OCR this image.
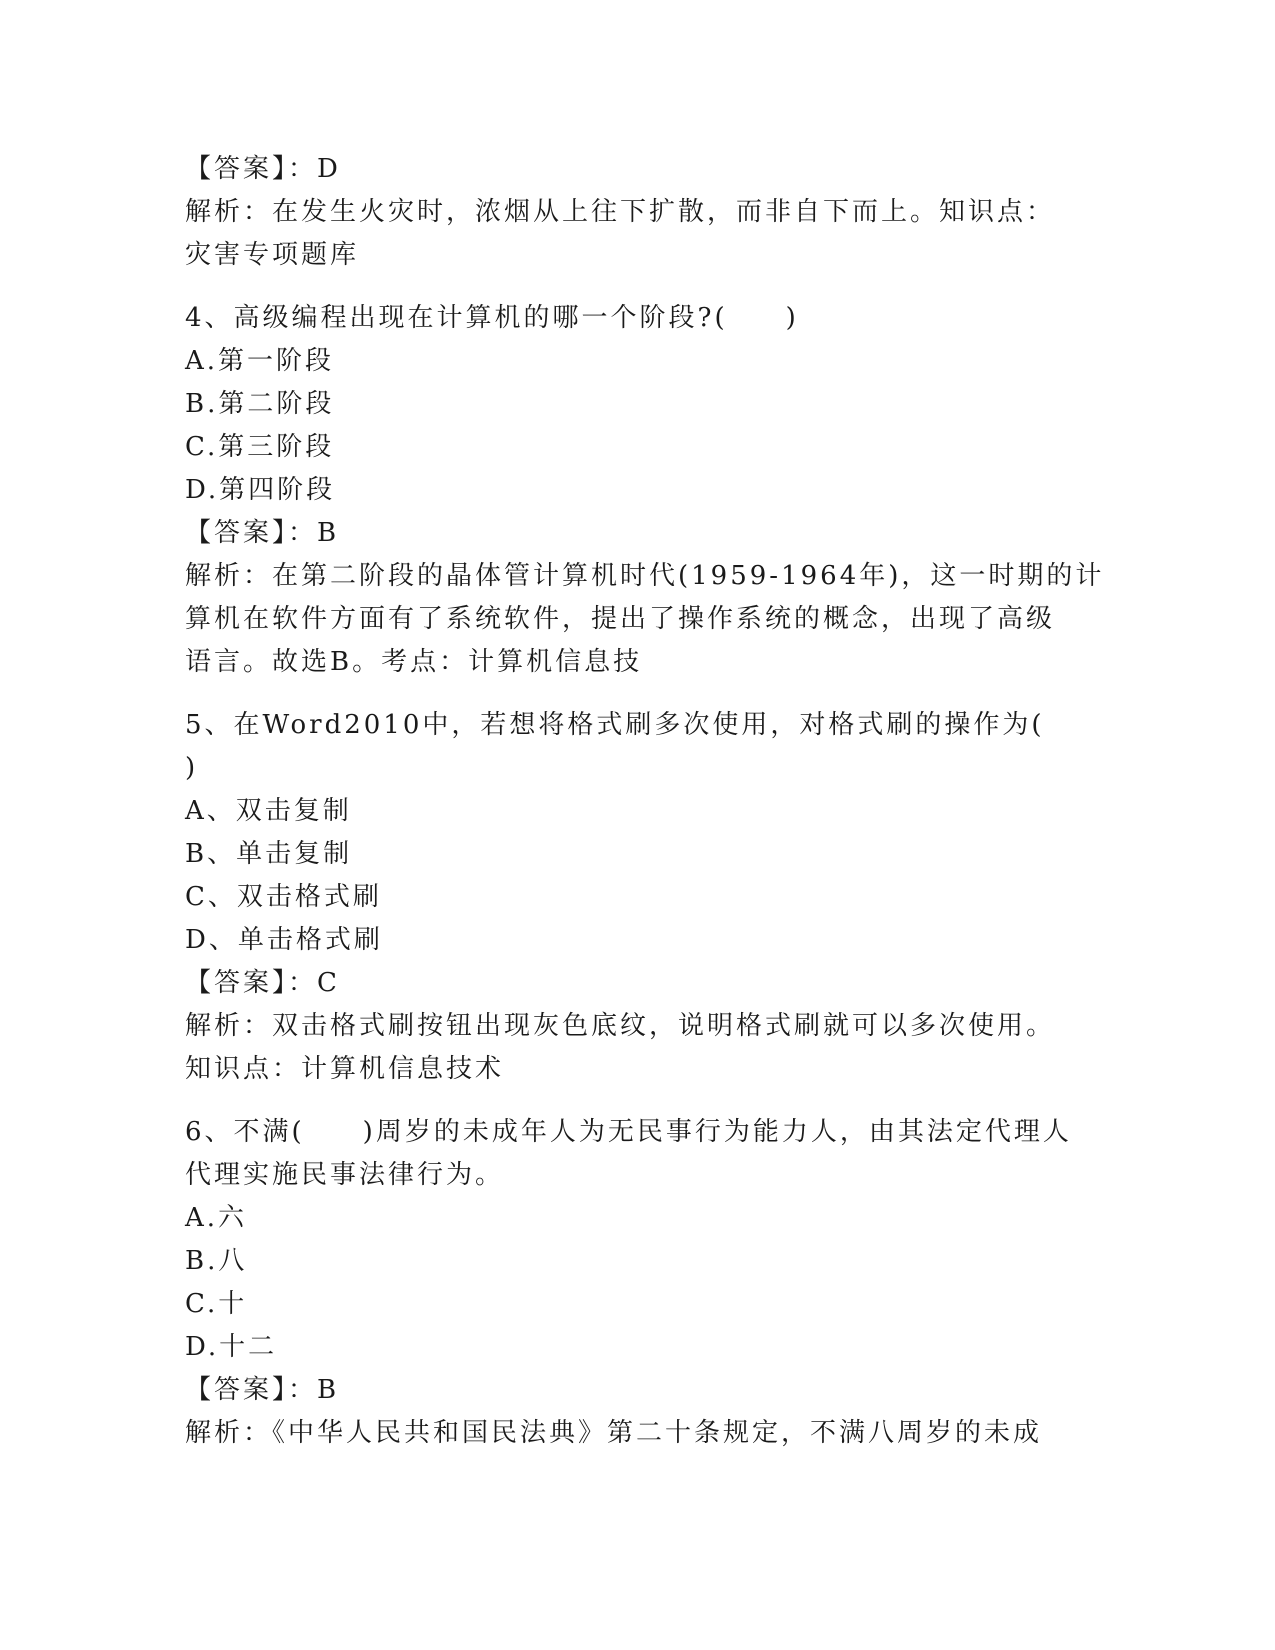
【答案】：D
解析：在发生火灾时，浓烟从上往下扩散，而非自下而上。知识点：
灾害专项题库
4、高级编程出现在计算机的哪一个阶段?(　　)
A.第一阶段
B.第二阶段
C.第三阶段
D.第四阶段
【答案】：B
解析：在第二阶段的晶体管计算机时代(1959-1964年)，这一时期的计
算机在软件方面有了系统软件，提出了操作系统的概念，出现了高级
语言。故选B。考点：计算机信息技
5、在Word2010中，若想将格式刷多次使用，对格式刷的操作为(
)
A、双击复制
B、单击复制
C、双击格式刷
D、单击格式刷
【答案】：C
解析：双击格式刷按钮出现灰色底纹，说明格式刷就可以多次使用。
知识点：计算机信息技术
6、不满(　　)周岁的未成年人为无民事行为能力人，由其法定代理人
代理实施民事法律行为。
A.六
B.八
C.十
D.十二
【答案】：B
解析：《中华人民共和国民法典》第二十条规定，不满八周岁的未成
